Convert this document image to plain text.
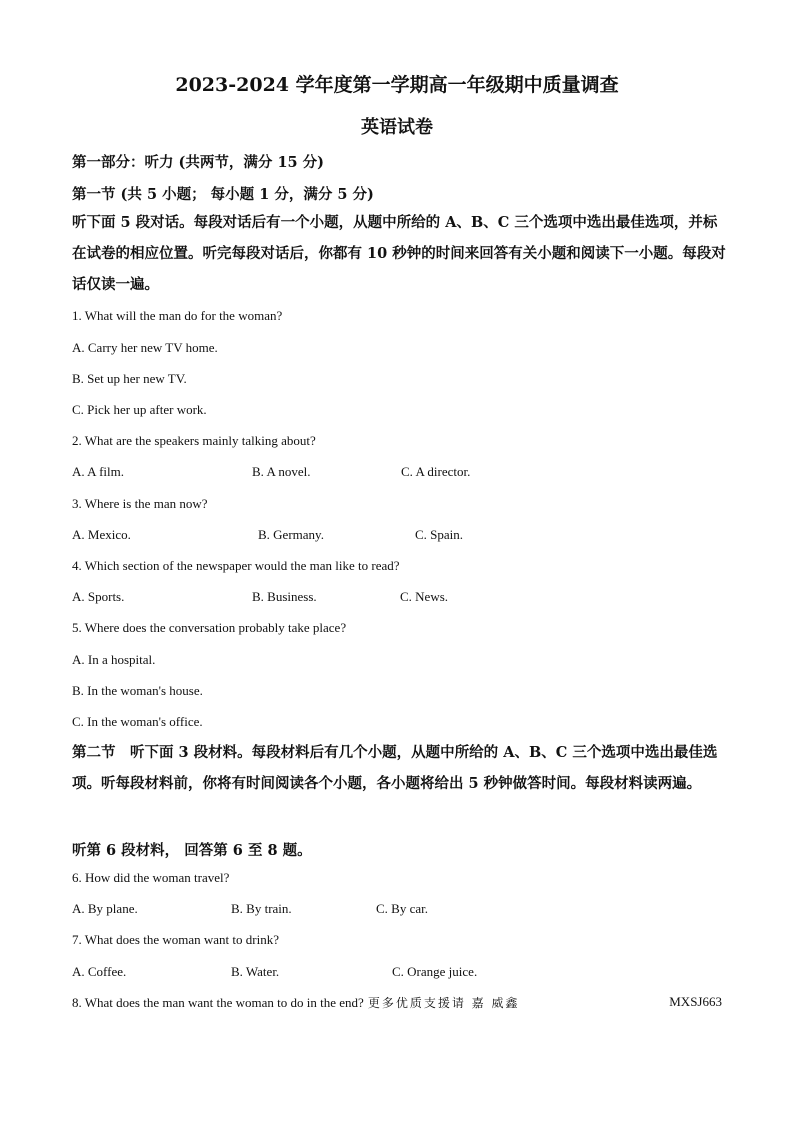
2023-2024 学年度第一学期高一年级期中质量调查
英语试卷
第一部分：听力 (共两节，满分 15 分)
第一节 (共 5 小题； 每小题 1 分，满分 5 分)
听下面 5 段对话。每段对话后有一个小题，从题中所给的 A、B、C 三个选项中选出最佳选项，并标在试卷的相应位置。听完每段对话后，你都有 10 秒钟的时间来回答有关小题和阅读下一小题。每段对话仅读一遍。
1. What will the man do for the woman?
A. Carry her new TV home.
B. Set up her new TV.
C. Pick her up after work.
2. What are the speakers mainly talking about?
A. A film.	B. A novel.	C. A director.
3. Where is the man now?
A. Mexico.	B. Germany.	C. Spain.
4. Which section of the newspaper would the man like to read?
A. Sports.	B. Business.	C. News.
5. Where does the conversation probably take place?
A. In a hospital.
B. In the woman's house.
C. In the woman's office.
第二节　听下面 3 段材料。每段材料后有几个小题，从题中所给的 A、B、C 三个选项中选出最佳选项。听每段材料前，你将有时间阅读各个小题，各小题将给出 5 秒钟做答时间。每段材料读两遍。
听第 6 段材料， 回答第 6 至 8 题。
6. How did the woman travel?
A. By plane.	B. By train.	C. By car.
7. What does the woman want to drink?
A. Coffee.	B. Water.	C. Orange juice.
8. What does the man want the woman to do in the end? 更多优质支援请 嘉 威鑫	MXSJ663
